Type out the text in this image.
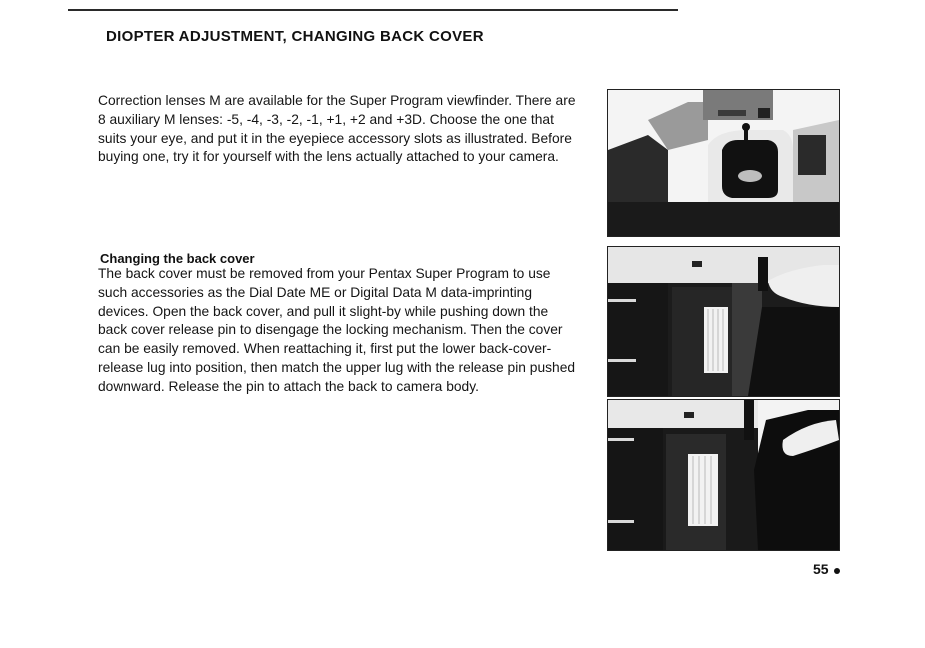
DIOPTER ADJUSTMENT, CHANGING BACK COVER

Correction lenses M are available for the Super Program viewfinder. There are 8 auxiliary M lenses: -5, -4, -3, -2, -1, +1, +2 and +3D. Choose the one that suits your eye, and put it in the eyepiece accessory slots as illustrated. Before buying one, try it for yourself with the lens actually attached to your camera.

Changing the back cover

The back cover must be removed from your Pentax Super Program to use such accessories as the Dial Date ME or Digital Data M data-imprinting devices. Open the back cover, and pull it slight-by while pushing down the back cover release pin to disengage the locking mechanism. Then the cover can be easily removed. When reattaching it, first put the lower back-cover-release lug into position, then match the upper lug with the release pin pushed downward. Release the pin to attach the back to camera body.

55
